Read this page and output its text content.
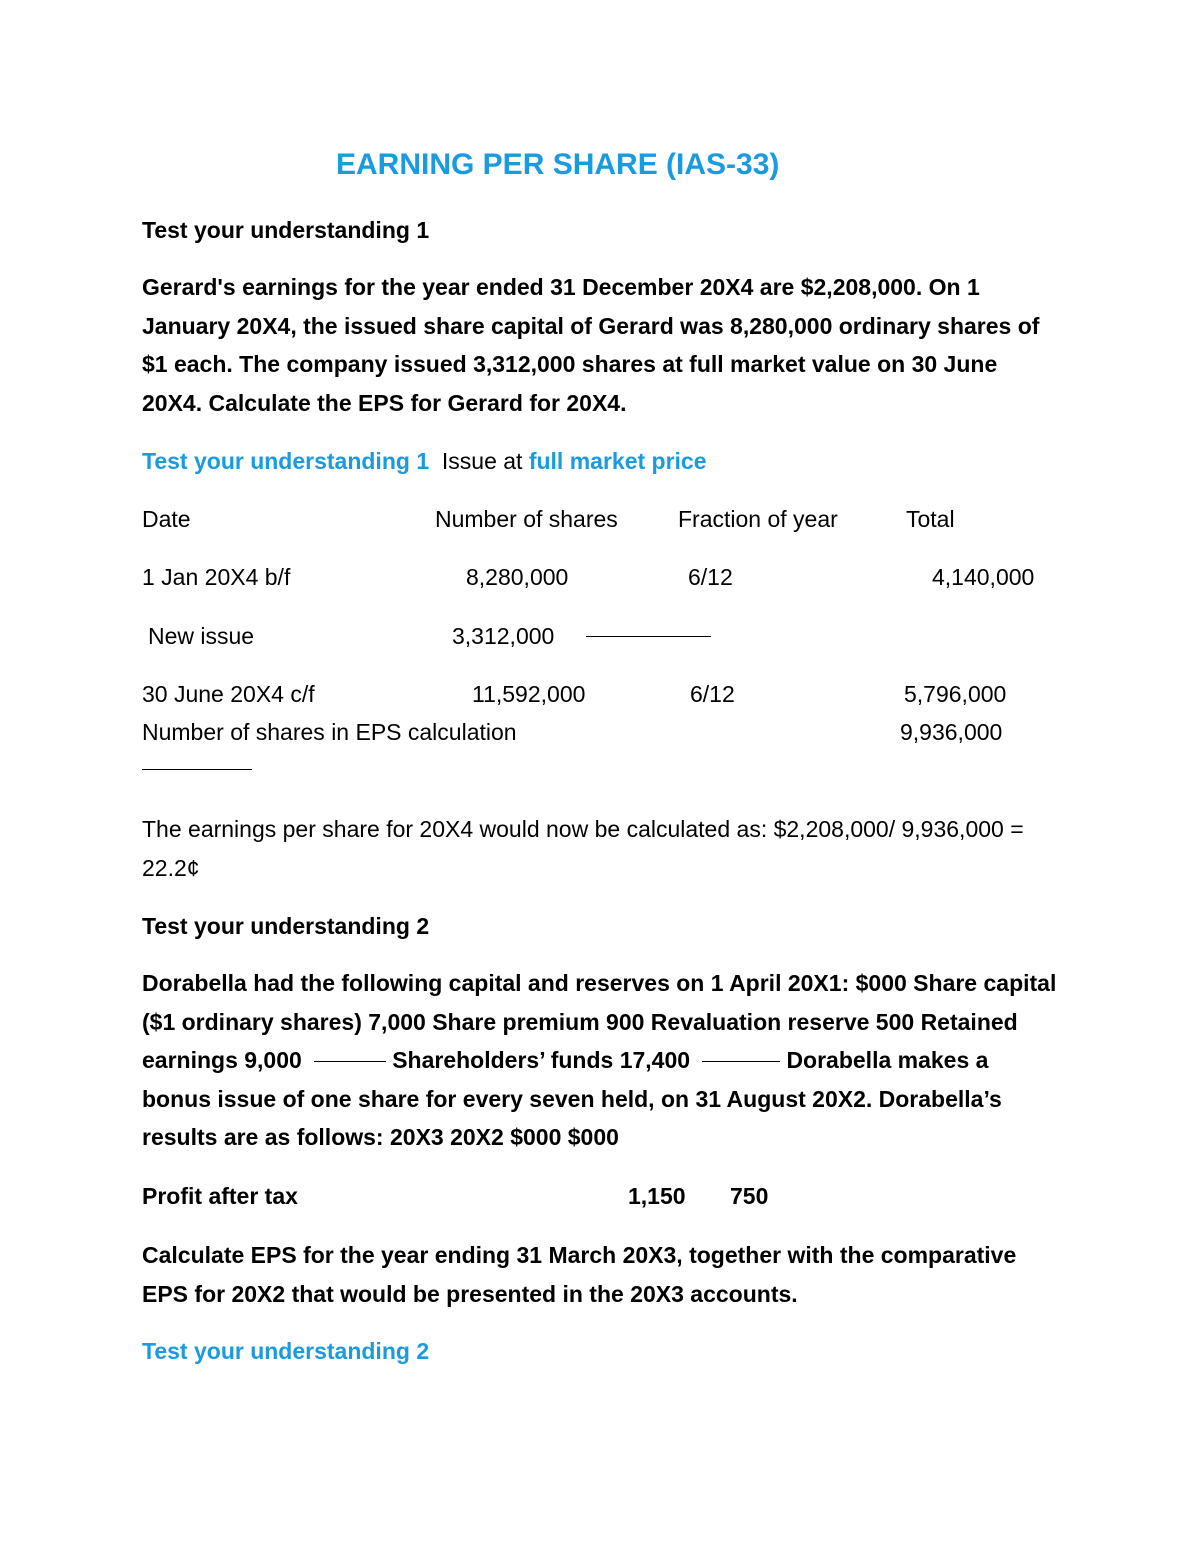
EARNING PER SHARE (IAS-33)
Test your understanding 1
Gerard's earnings for the year ended 31 December 20X4 are $2,208,000. On 1 January 20X4, the issued share capital of Gerard was 8,280,000 ordinary shares of $1 each. The company issued 3,312,000 shares at full market value on 30 June 20X4. Calculate the EPS for Gerard for 20X4.
Test your understanding 1 Issue at full market price
Date	Number of shares	Fraction of year	Total
1 Jan 20X4 b/f	8,280,000	6/12	4,140,000
New issue	3,312,000
30 June 20X4 c/f	11,592,000	6/12	5,796,000
Number of shares in EPS calculation	9,936,000
The earnings per share for 20X4 would now be calculated as: $2,208,000/ 9,936,000 = 22.2¢
Test your understanding 2
Dorabella had the following capital and reserves on 1 April 20X1: $000 Share capital ($1 ordinary shares) 7,000 Share premium 900 Revaluation reserve 500 Retained earnings 9,000	Shareholders’ funds 17,400	Dorabella makes a bonus issue of one share for every seven held, on 31 August 20X2. Dorabella’s results are as follows: 20X3 20X2 $000 $000
Profit after tax	1,150 750
Calculate EPS for the year ending 31 March 20X3, together with the comparative EPS for 20X2 that would be presented in the 20X3 accounts.
Test your understanding 2
